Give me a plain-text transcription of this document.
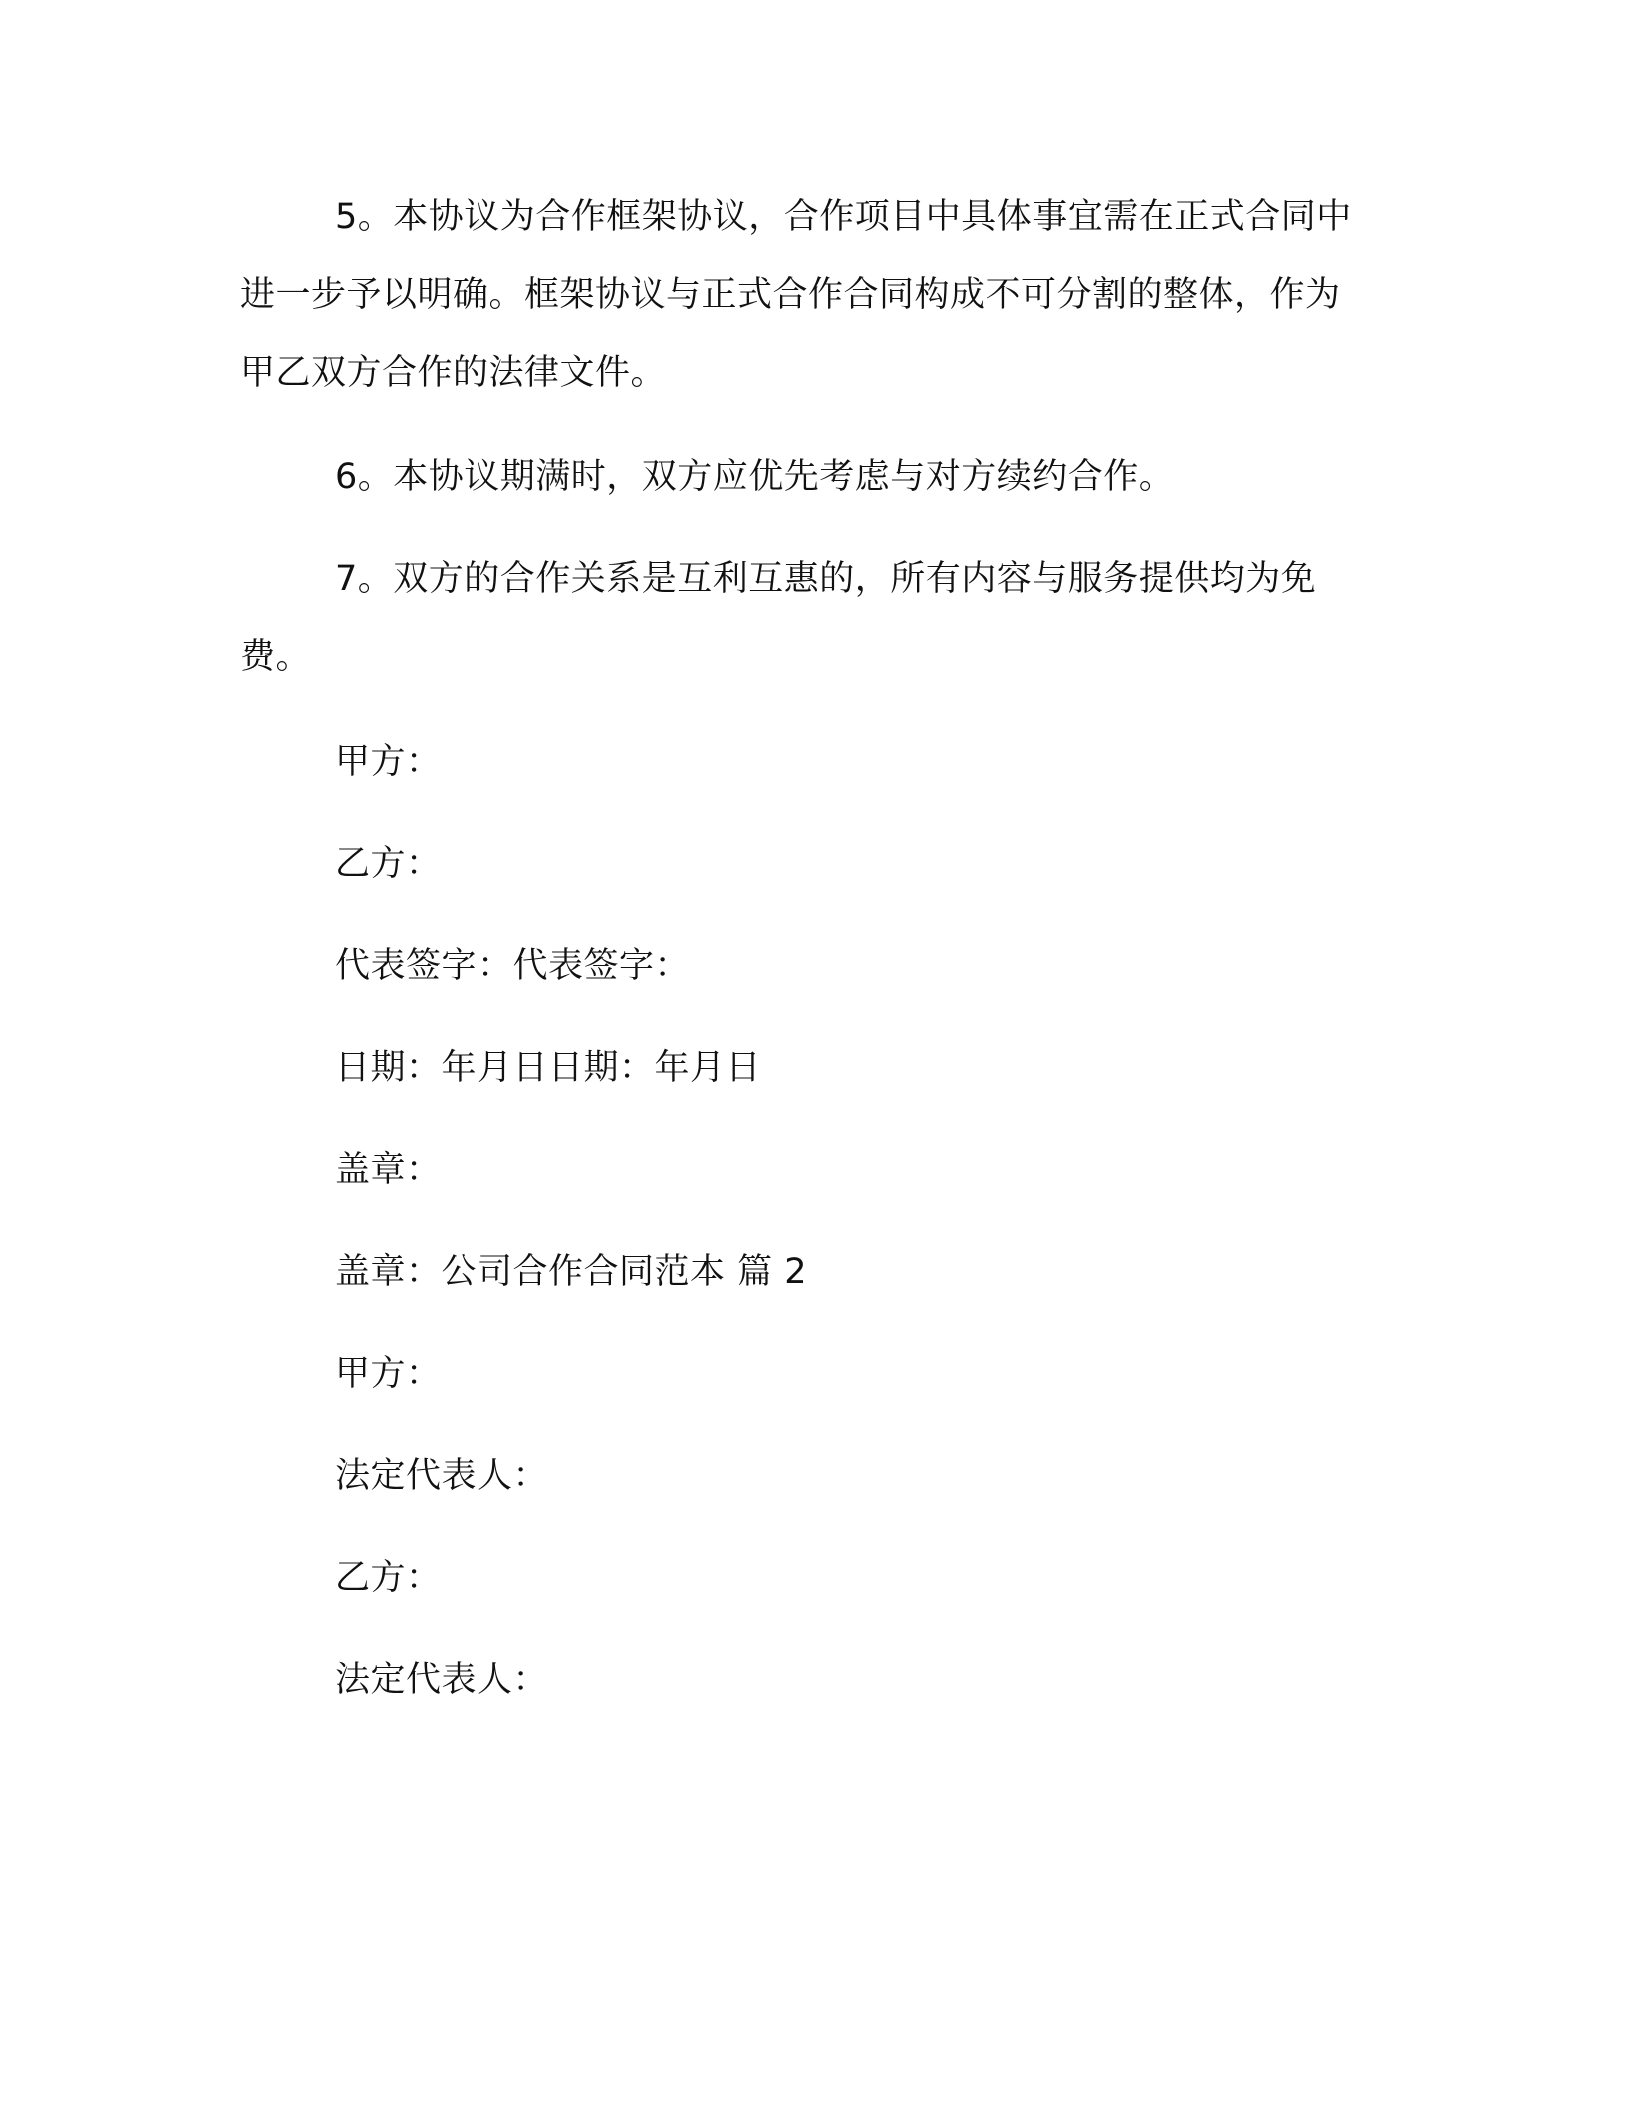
5。本协议为合作框架协议，合作项目中具体事宜需在正式合同中进一步予以明确。框架协议与正式合作合同构成不可分割的整体，作为甲乙双方合作的法律文件。
6。本协议期满时，双方应优先考虑与对方续约合作。
7。双方的合作关系是互利互惠的，所有内容与服务提供均为免费。
甲方：
乙方：
代表签字：代表签字：
日期：年月日日期：年月日
盖章：
盖章：公司合作合同范本 篇 2
甲方：
法定代表人：
乙方：
法定代表人：
